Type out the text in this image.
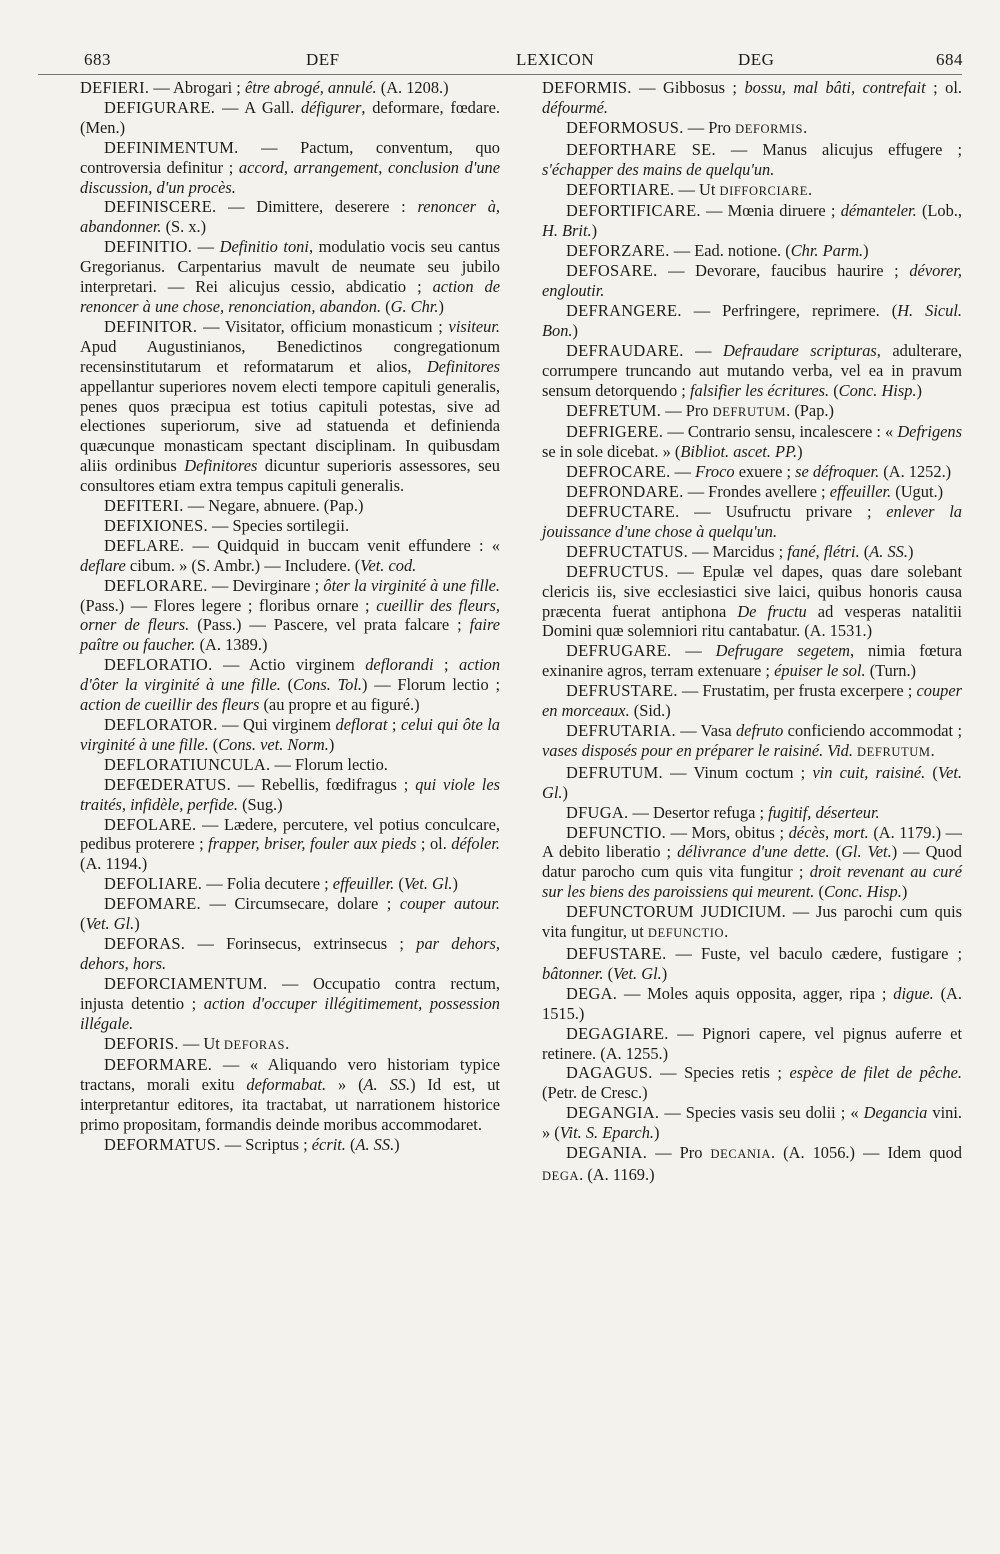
683	DEF	LEXICON	DEG	684

DEFIERI. — Abrogari ; être abrogé, annulé. (A. 1208.)

DEFIGURARE. — A Gall. défigurer, deformare, fœdare. (Men.)

DEFINIMENTUM. — Pactum, conventum, quo controversia definitur ; accord, arrangement, conclusion d'une discussion, d'un procès.

DEFINISCERE. — Dimittere, deserere : renoncer à, abandonner. (S. x.)

DEFINITIO. — Definitio toni, modulatio vocis seu cantus Gregorianus. Carpentarius mavult de neumate seu jubilo interpretari. — Rei alicujus cessio, abdicatio ; action de renoncer à une chose, renonciation, abandon. (G. Chr.)

DEFINITOR. — Visitator, officium monasticum ; visiteur. Apud Augustinianos, Benedictinos congregationum recensinstitutarum et reformatarum et alios, Definitores appellantur superiores novem electi tempore capituli generalis, penes quos præcipua est totius capituli potestas, sive ad electiones superiorum, sive ad statuenda et definienda quæcunque monasticam spectant disciplinam. In quibusdam aliis ordinibus Definitores dicuntur superioris assessores, seu consultores etiam extra tempus capituli generalis.

DEFITERI. — Negare, abnuere. (Pap.)

DEFIXIONES. — Species sortilegii.

DEFLARE. — Quidquid in buccam venit effundere : « deflare cibum. » (S. Ambr.) — Includere. (Vet. cod.

DEFLORARE. — Devirginare ; ôter la virginité à une fille. (Pass.) — Flores legere ; floribus ornare ; cueillir des fleurs, orner de fleurs. (Pass.) — Pascere, vel prata falcare ; faire paître ou faucher. (A. 1389.)

DEFLORATIO. — Actio virginem deflorandi ; action d'ôter la virginité à une fille. (Cons. Tol.) — Florum lectio ; action de cueillir des fleurs (au propre et au figuré.)

DEFLORATOR. — Qui virginem deflorat ; celui qui ôte la virginité à une fille. (Cons. vet. Norm.)

DEFLORATIUNCULA. — Florum lectio.

DEFŒDERATUS. — Rebellis, fœdifragus ; qui viole les traités, infidèle, perfide. (Sug.)

DEFOLARE. — Lædere, percutere, vel potius conculcare, pedibus proterere ; frapper, briser, fouler aux pieds ; ol. défoler. (A. 1194.)

DEFOLIARE. — Folia decutere ; effeuiller. (Vet. Gl.)

DEFOMARE. — Circumsecare, dolare ; couper autour. (Vet. Gl.)

DEFORAS. — Forinsecus, extrinsecus ; par dehors, dehors, hors.

DEFORCIAMENTUM. — Occupatio contra rectum, injusta detentio ; action d'occuper illégitimement, possession illégale.

DEFORIS. — Ut DEFORAS.

DEFORMARE. — « Aliquando vero historiam typice tractans, morali exitu deformabat. » (A. SS.) Id est, ut interpretantur editores, ita tractabat, ut narrationem historice primo propositam, formandis deinde moribus accommodaret.

DEFORMATUS. — Scriptus ; écrit. (A. SS.)

DEFORMIS. — Gibbosus ; bossu, mal bâti, contrefait ; ol. défourmé.

DEFORMOSUS. — Pro DEFORMIS.

DEFORTHARE SE. — Manus alicujus effugere ; s'échapper des mains de quelqu'un.

DEFORTIARE. — Ut DIFFORCIARE.

DEFORTIFICARE. — Mœnia diruere ; démanteler. (Lob., H. Brit.)

DEFORZARE. — Ead. notione. (Chr. Parm.)

DEFOSARE. — Devorare, faucibus haurire ; dévorer, engloutir.

DEFRANGERE. — Perfringere, reprimere. (H. Sicul. Bon.)

DEFRAUDARE. — Defraudare scripturas, adulterare, corrumpere truncando aut mutando verba, vel ea in pravum sensum detorquendo ; falsifier les écritures. (Conc. Hisp.)

DEFRETUM. — Pro DEFRUTUM. (Pap.)

DEFRIGERE. — Contrario sensu, incalescere : « Defrigens se in sole dicebat. » (Bibliot. ascet. PP.)

DEFROCARE. — Froco exuere ; se défroquer. (A. 1252.)

DEFRONDARE. — Frondes avellere ; effeuiller. (Ugut.)

DEFRUCTARE. — Usufructu privare ; enlever la jouissance d'une chose à quelqu'un.

DEFRUCTATUS. — Marcidus ; fané, flétri. (A. SS.)

DEFRUCTUS. — Epulæ vel dapes, quas dare solebant clericis iis, sive ecclesiastici sive laici, quibus honoris causa præcenta fuerat antiphona De fructu ad vesperas natalitii Domini quæ solemniori ritu cantabatur. (A. 1531.)

DEFRUGARE. — Defrugare segetem, nimia fœtura exinanire agros, terram extenuare ; épuiser le sol. (Turn.)

DEFRUSTARE. — Frustatim, per frusta excerpere ; couper en morceaux. (Sid.)

DEFRUTARIA. — Vasa defruto conficiendo accommodat ; vases disposés pour en préparer le raisiné. Vid. DEFRUTUM.

DEFRUTUM. — Vinum coctum ; vin cuit, raisiné. (Vet. Gl.)

DFUGA. — Desertor refuga ; fugitif, déserteur.

DEFUNCTIO. — Mors, obitus ; décès, mort. (A. 1179.) — A debito liberatio ; délivrance d'une dette. (Gl. Vet.) — Quod datur parocho cum quis vita fungitur ; droit revenant au curé sur les biens des paroissiens qui meurent. (Conc. Hisp.)

DEFUNCTORUM JUDICIUM. — Jus parochi cum quis vita fungitur, ut DEFUNCTIO.

DEFUSTARE. — Fuste, vel baculo cædere, fustigare ; bâtonner. (Vet. Gl.)

DEGA. — Moles aquis opposita, agger, ripa ; digue. (A. 1515.)

DEGAGIARE. — Pignori capere, vel pignus auferre et retinere. (A. 1255.)

DAGAGUS. — Species retis ; espèce de filet de pêche. (Petr. de Cresc.)

DEGANGIA. — Species vasis seu dolii ; « Degancia vini. » (Vit. S. Eparch.)

DEGANIA. — Pro DECANIA. (A. 1056.) — Idem quod DEGA. (A. 1169.)
